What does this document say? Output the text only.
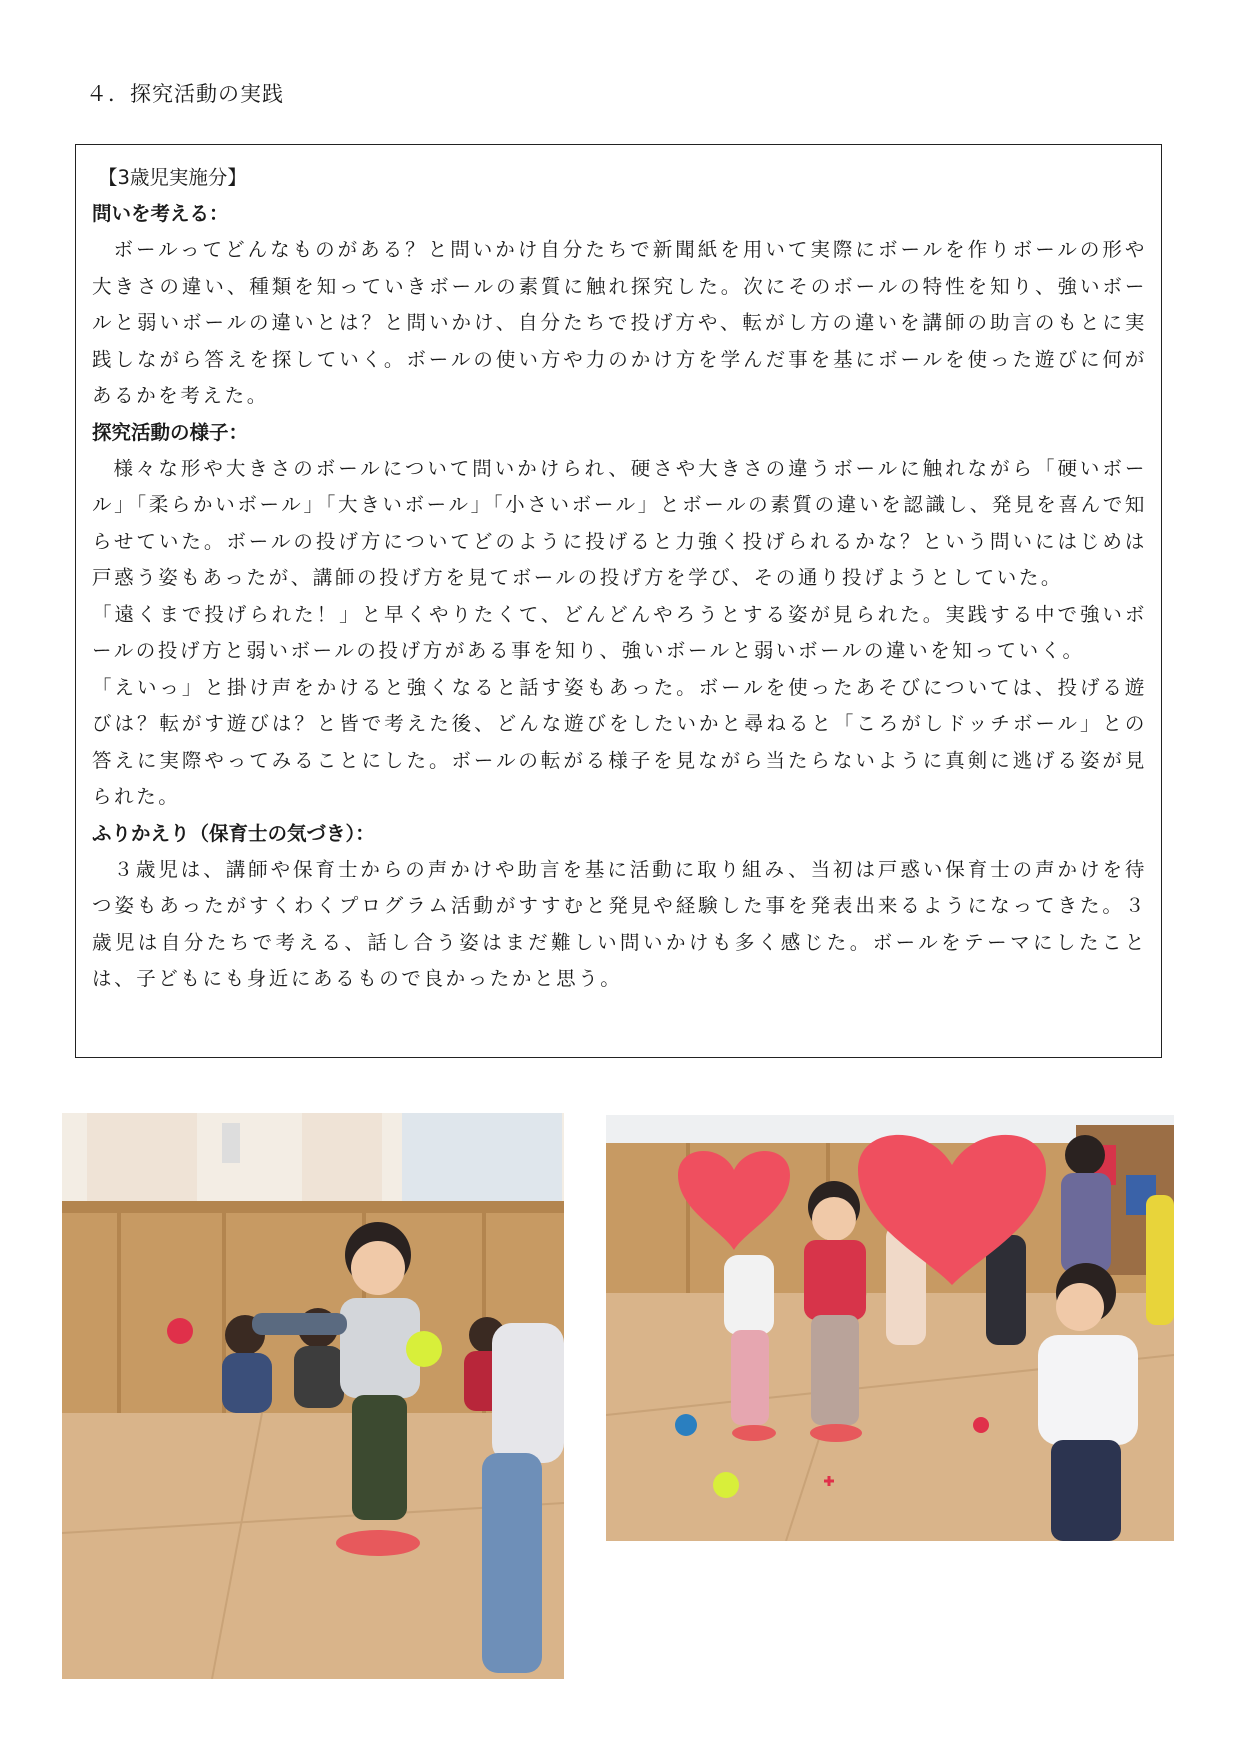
４．探究活動の実践

【3歳児実施分】

問いを考える：

ボールってどんなものがある？と問いかけ自分たちで新聞紙を用いて実際にボールを作りボールの形や大きさの違い、種類を知っていきボールの素質に触れ探究した。次にそのボールの特性を知り、強いボールと弱いボールの違いとは？と問いかけ、自分たちで投げ方や、転がし方の違いを講師の助言のもとに実践しながら答えを探していく。ボールの使い方や力のかけ方を学んだ事を基にボールを使った遊びに何があるかを考えた。

探究活動の様子：

様々な形や大きさのボールについて問いかけられ、硬さや大きさの違うボールに触れながら「硬いボール」「柔らかいボール」「大きいボール」「小さいボール」とボールの素質の違いを認識し、発見を喜んで知らせていた。ボールの投げ方についてどのように投げると力強く投げられるかな？という問いにはじめは戸惑う姿もあったが、講師の投げ方を見てボールの投げ方を学び、その通り投げようとしていた。

「遠くまで投げられた！」と早くやりたくて、どんどんやろうとする姿が見られた。実践する中で強いボールの投げ方と弱いボールの投げ方がある事を知り、強いボールと弱いボールの違いを知っていく。

「えいっ」と掛け声をかけると強くなると話す姿もあった。ボールを使ったあそびについては、投げる遊びは？転がす遊びは？と皆で考えた後、どんな遊びをしたいかと尋ねると「ころがしドッチボール」との答えに実際やってみることにした。ボールの転がる様子を見ながら当たらないように真剣に逃げる姿が見られた。

ふりかえり（保育士の気づき）：

３歳児は、講師や保育士からの声かけや助言を基に活動に取り組み、当初は戸惑い保育士の声かけを待つ姿もあったがすくわくプログラム活動がすすむと発見や経験した事を発表出来るようになってきた。３歳児は自分たちで考える、話し合う姿はまだ難しい問いかけも多く感じた。ボールをテーマにしたことは、子どもにも身近にあるもので良かったかと思う。
